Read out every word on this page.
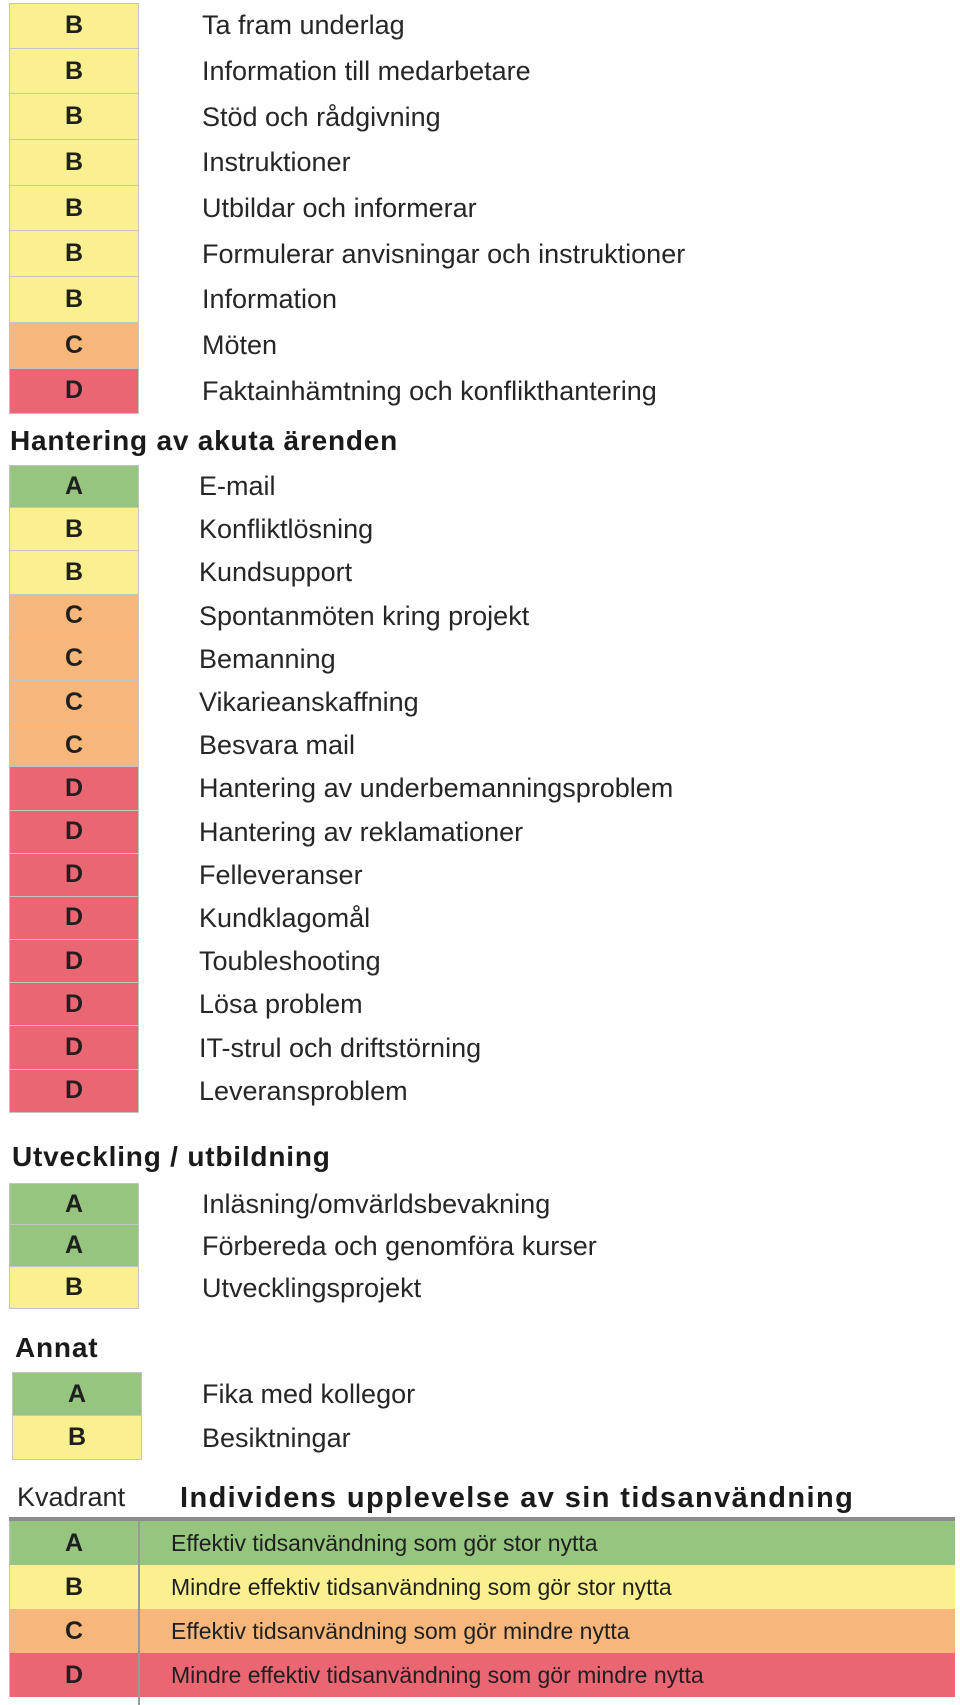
B	Ta fram underlag
B	Information till medarbetare
B	Stöd och rådgivning
B	Instruktioner
B	Utbildar och informerar
B	Formulerar anvisningar och instruktioner
B	Information
C	Möten
D	Faktainhämtning och konflikthantering
Hantering av akuta ärenden
A	E-mail
B	Konfliktlösning
B	Kundsupport
C	Spontanmöten kring projekt
C	Bemanning
C	Vikarieanskaffning
C	Besvara mail
D	Hantering av underbemanningsproblem
D	Hantering av reklamationer
D	Felleveranser
D	Kundklagomål
D	Toubleshooting
D	Lösa problem
D	IT-strul och driftstörning
D	Leveransproblem
Utveckling / utbildning
A	Inläsning/omvärldsbevakning
A	Förbereda och genomföra kurser
B	Utvecklingsprojekt
Annat
A	Fika med kollegor
B	Besiktningar
Kvadrant Individens upplevelse av sin tidsanvändning
A	Effektiv tidsanvändning som gör stor nytta
B	Mindre effektiv tidsanvändning som gör stor nytta
C	Effektiv tidsanvändning som gör mindre nytta
D	Mindre effektiv tidsanvändning som gör mindre nytta
